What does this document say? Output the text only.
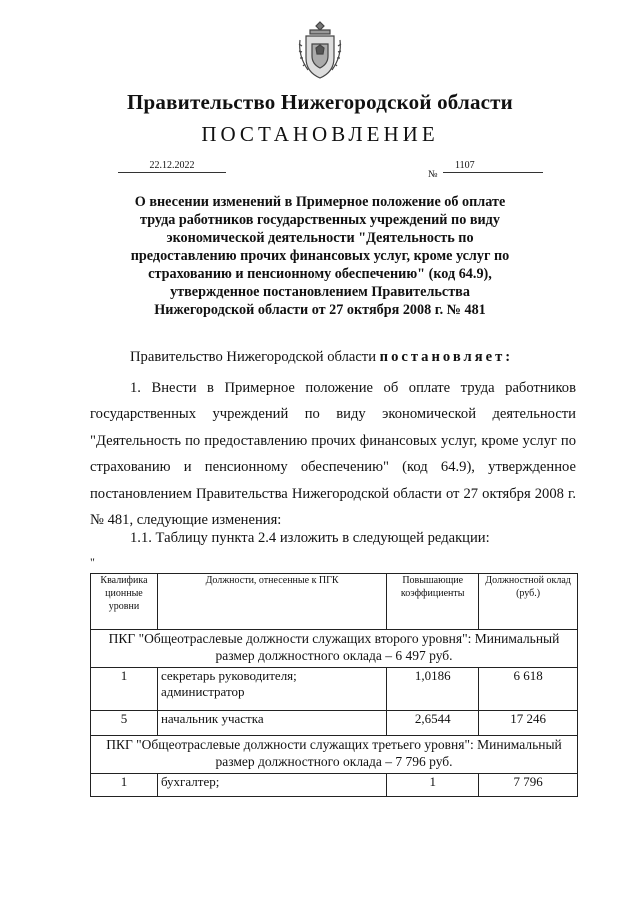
Правительство Нижегородской области
ПОСТАНОВЛЕНИЕ
22.12.2022
№
1107
О внесении изменений в Примерное положение об оплате
труда работников государственных учреждений по виду
экономической деятельности "Деятельность по
предоставлению прочих финансовых услуг, кроме услуг по
страхованию и пенсионному обеспечению" (код 64.9),
утвержденное постановлением Правительства
Нижегородской области от 27 октября 2008 г. № 481
Правительство Нижегородской области постановляет:
1. Внести в Примерное положение об оплате труда работников государственных учреждений по виду экономической деятельности "Деятельность по предоставлению прочих финансовых услуг, кроме услуг по страхованию и пенсионному обеспечению" (код 64.9), утвержденное постановлением Правительства Нижегородской области от 27 октября 2008 г. № 481, следующие изменения:
1.1. Таблицу пункта 2.4 изложить в следующей редакции:
"
Квалифика ционные уровни	Должности, отнесенные к ПГК	Повышающие коэффициенты	Должностной оклад (руб.)
ПКГ "Общеотраслевые должности служащих второго уровня": Минимальный размер должностного оклада – 6 497 руб.			
1	секретарь руководителя; администратор	1,0186	6 618
5	начальник участка	2,6544	17 246
ПКГ "Общеотраслевые должности служащих третьего уровня": Минимальный размер должностного оклада – 7 796 руб.			
1	бухгалтер;	1	7 796
